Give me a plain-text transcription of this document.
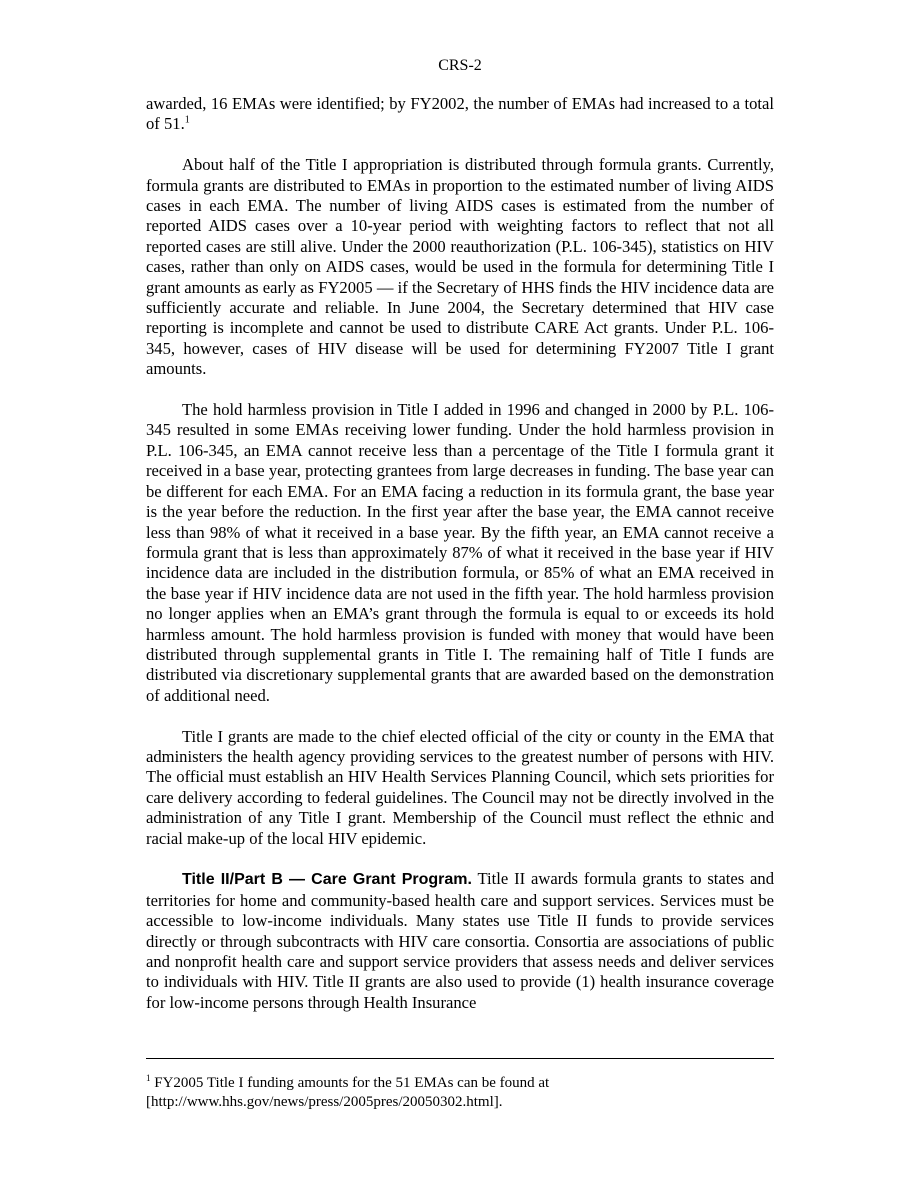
CRS-2

awarded, 16 EMAs were identified; by FY2002, the number of EMAs had increased to a total of 51.$^1$

About half of the Title I appropriation is distributed through formula grants. Currently, formula grants are distributed to EMAs in proportion to the estimated number of living AIDS cases in each EMA. The number of living AIDS cases is estimated from the number of reported AIDS cases over a 10-year period with weighting factors to reflect that not all reported cases are still alive. Under the 2000 reauthorization (P.L. 106-345), statistics on HIV cases, rather than only on AIDS cases, would be used in the formula for determining Title I grant amounts as early as FY2005 — if the Secretary of HHS finds the HIV incidence data are sufficiently accurate and reliable. In June 2004, the Secretary determined that HIV case reporting is incomplete and cannot be used to distribute CARE Act grants. Under P.L. 106-345, however, cases of HIV disease will be used for determining FY2007 Title I grant amounts.

The hold harmless provision in Title I added in 1996 and changed in 2000 by P.L. 106-345 resulted in some EMAs receiving lower funding. Under the hold harmless provision in P.L. 106-345, an EMA cannot receive less than a percentage of the Title I formula grant it received in a base year, protecting grantees from large decreases in funding. The base year can be different for each EMA. For an EMA facing a reduction in its formula grant, the base year is the year before the reduction. In the first year after the base year, the EMA cannot receive less than 98% of what it received in a base year. By the fifth year, an EMA cannot receive a formula grant that is less than approximately 87% of what it received in the base year if HIV incidence data are included in the distribution formula, or 85% of what an EMA received in the base year if HIV incidence data are not used in the fifth year. The hold harmless provision no longer applies when an EMA’s grant through the formula is equal to or exceeds its hold harmless amount. The hold harmless provision is funded with money that would have been distributed through supplemental grants in Title I. The remaining half of Title I funds are distributed via discretionary supplemental grants that are awarded based on the demonstration of additional need.

Title I grants are made to the chief elected official of the city or county in the EMA that administers the health agency providing services to the greatest number of persons with HIV. The official must establish an HIV Health Services Planning Council, which sets priorities for care delivery according to federal guidelines. The Council may not be directly involved in the administration of any Title I grant. Membership of the Council must reflect the ethnic and racial make-up of the local HIV epidemic.

Title II/Part B — Care Grant Program. Title II awards formula grants to states and territories for home and community-based health care and support services. Services must be accessible to low-income individuals. Many states use Title II funds to provide services directly or through subcontracts with HIV care consortia. Consortia are associations of public and nonprofit health care and support service providers that assess needs and deliver services to individuals with HIV. Title II grants are also used to provide (1) health insurance coverage for low-income persons through Health Insurance

$^1$ FY2005 Title I funding amounts for the 51 EMAs can be found at [http://www.hhs.gov/news/press/2005pres/20050302.html].
